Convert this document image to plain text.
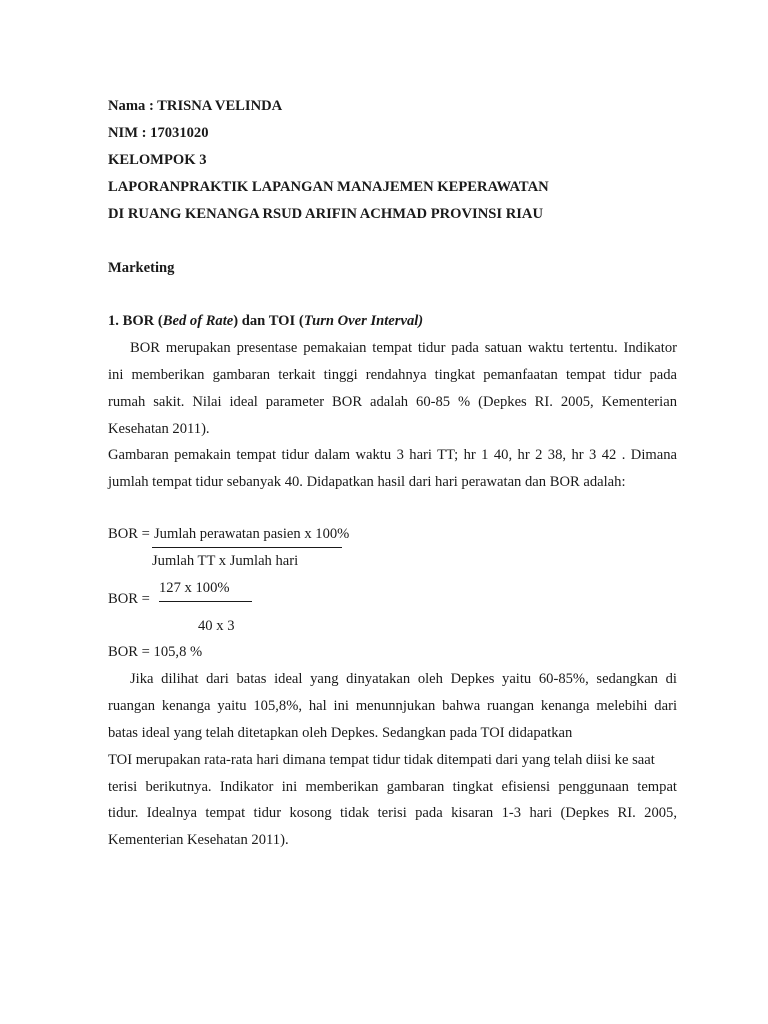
Nama : TRISNA VELINDA
NIM : 17031020
KELOMPOK 3
LAPORANPRAKTIK LAPANGAN MANAJEMEN KEPERAWATAN
DI RUANG KENANGA RSUD ARIFIN ACHMAD PROVINSI RIAU
Marketing
1. BOR (Bed of Rate) dan TOI (Turn Over Interval)
BOR merupakan presentase pemakaian tempat tidur pada satuan waktu tertentu. Indikator
ini memberikan gambaran terkait tinggi rendahnya tingkat pemanfaatan tempat tidur pada
rumah sakit. Nilai ideal parameter BOR adalah 60-85 % (Depkes RI. 2005, Kementerian
Kesehatan 2011).
Gambaran pemakain tempat tidur dalam waktu 3 hari TT; hr 1 40, hr 2 38, hr 3 42 . Dimana
jumlah tempat tidur sebanyak 40. Didapatkan hasil dari hari perawatan dan BOR adalah:
BOR = Jumlah perawatan pasien x 100%
Jumlah TT x Jumlah hari
127 x 100%
BOR =
40 x 3
BOR = 105,8 %
Jika dilihat dari batas ideal yang dinyatakan oleh Depkes yaitu 60-85%, sedangkan di
ruangan kenanga yaitu 105,8%, hal ini menunnjukan bahwa ruangan kenanga melebihi dari
batas ideal yang telah ditetapkan oleh Depkes. Sedangkan pada TOI didapatkan
TOI merupakan rata-rata hari dimana tempat tidur tidak ditempati dari yang telah diisi ke saat
terisi berikutnya. Indikator ini memberikan gambaran tingkat efisiensi penggunaan tempat
tidur. Idealnya tempat tidur kosong tidak terisi pada kisaran 1-3 hari (Depkes RI. 2005,
Kementerian Kesehatan 2011).
